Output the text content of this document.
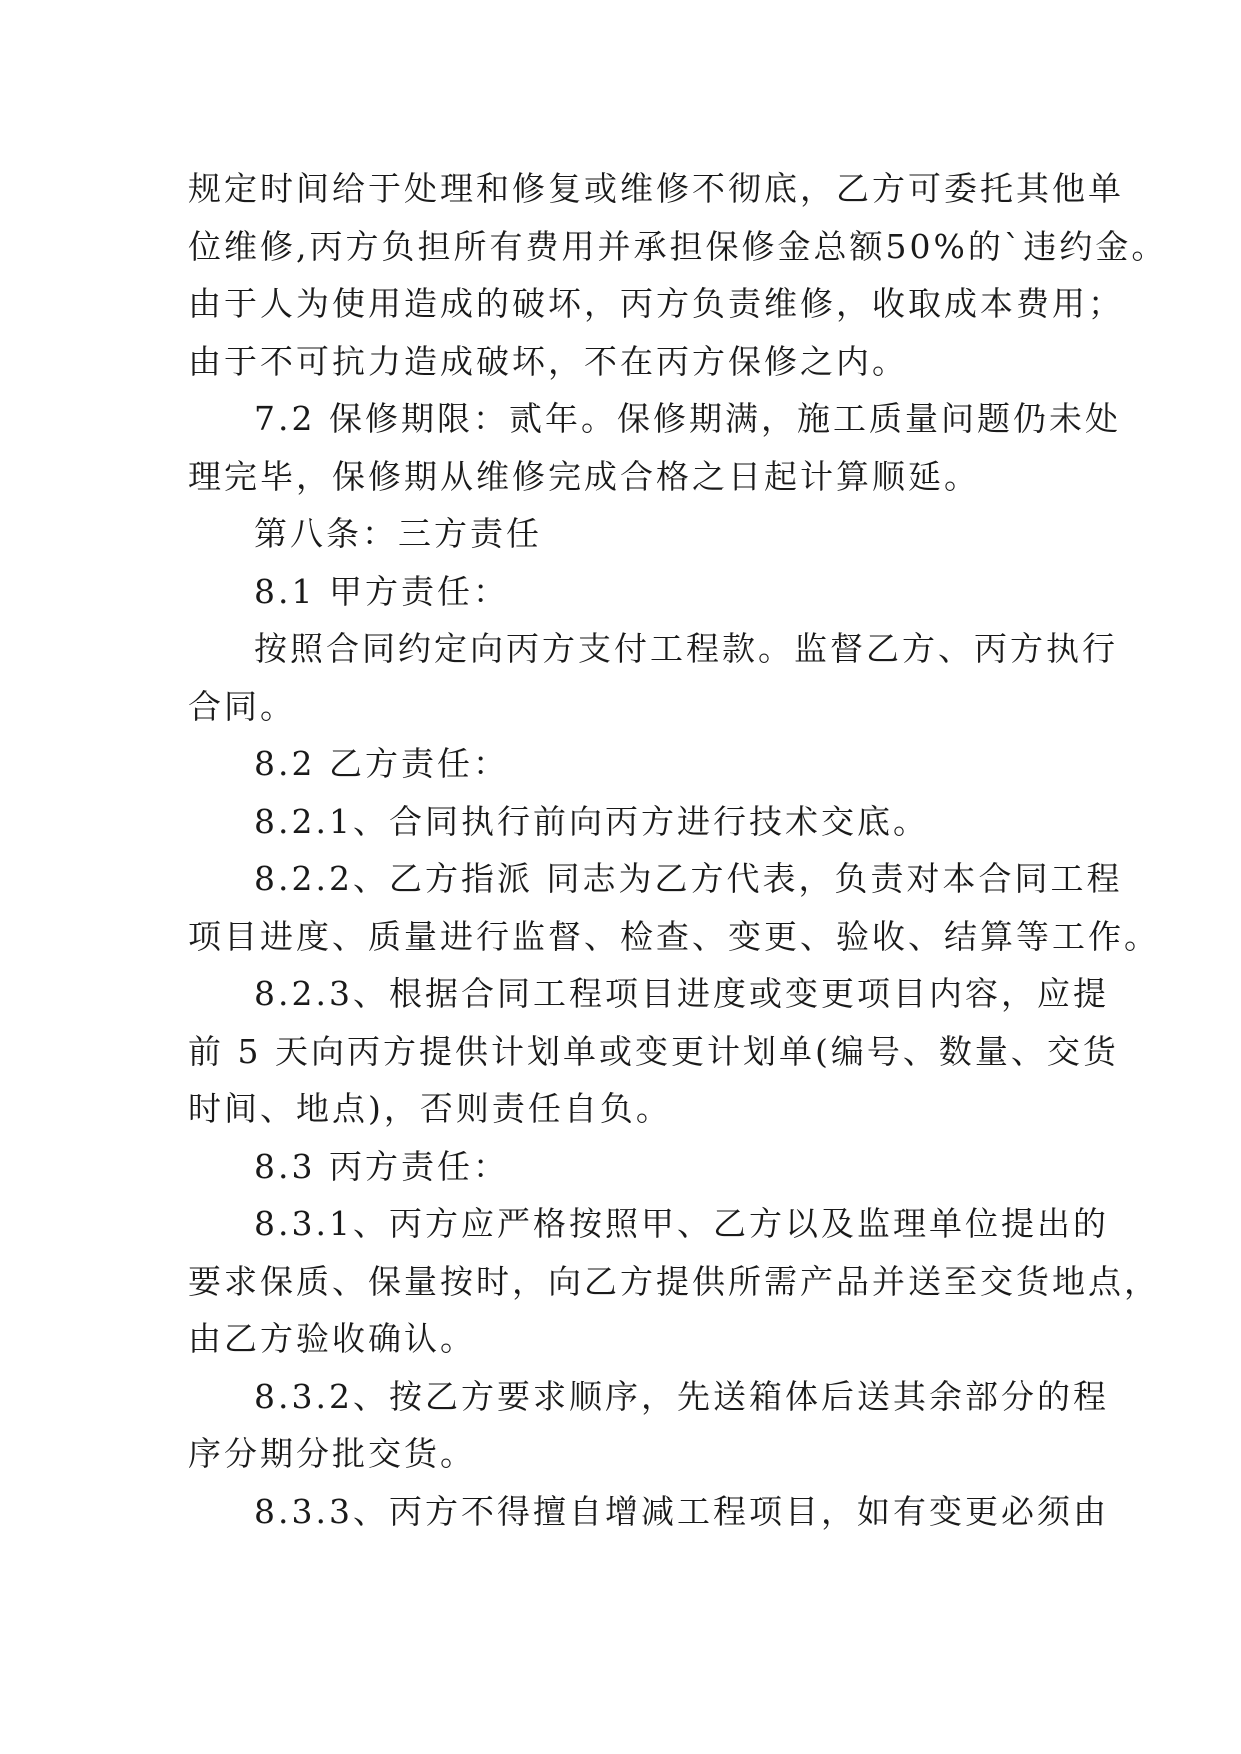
规定时间给于处理和修复或维修不彻底，乙方可委托其他单
位维修,丙方负担所有费用并承担保修金总额50%的`违约金。
由于人为使用造成的破坏，丙方负责维修，收取成本费用；
由于不可抗力造成破坏，不在丙方保修之内。
7.2 保修期限：贰年。保修期满，施工质量问题仍未处
理完毕，保修期从维修完成合格之日起计算顺延。
第八条：三方责任
8.1 甲方责任：
按照合同约定向丙方支付工程款。监督乙方、丙方执行
合同。
8.2 乙方责任：
8.2.1、合同执行前向丙方进行技术交底。
8.2.2、乙方指派 同志为乙方代表，负责对本合同工程
项目进度、质量进行监督、检查、变更、验收、结算等工作。
8.2.3、根据合同工程项目进度或变更项目内容，应提
前 5 天向丙方提供计划单或变更计划单(编号、数量、交货
时间、地点)，否则责任自负。
8.3 丙方责任：
8.3.1、丙方应严格按照甲、乙方以及监理单位提出的
要求保质、保量按时，向乙方提供所需产品并送至交货地点，
由乙方验收确认。
8.3.2、按乙方要求顺序，先送箱体后送其余部分的程
序分期分批交货。
8.3.3、丙方不得擅自增减工程项目，如有变更必须由
